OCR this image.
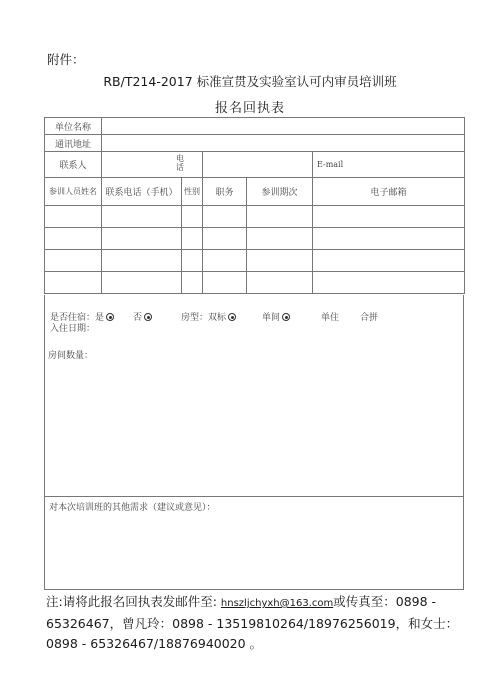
附件：
RB/T214-2017 标准宣贯及实验室认可内审员培训班
报名回执表
单位名称					
通讯地址					
联系人			电话		E-mail

参训人员姓名	联系电话（手机）	性别	职务	参训期次	电子邮箱

是否住宿：是	否	房型：双标	单间	单住 合拼
入住日期：
房间数量：
对本次培训班的其他需求（建议或意见）：
注:请将此报名回执表发邮件至: hnszljchyxh@163.com或传真至：0898 - 65326467，曾凡玲：0898 - 13519810264/18976256019，和女士：0898 - 65326467/18876940020 。
